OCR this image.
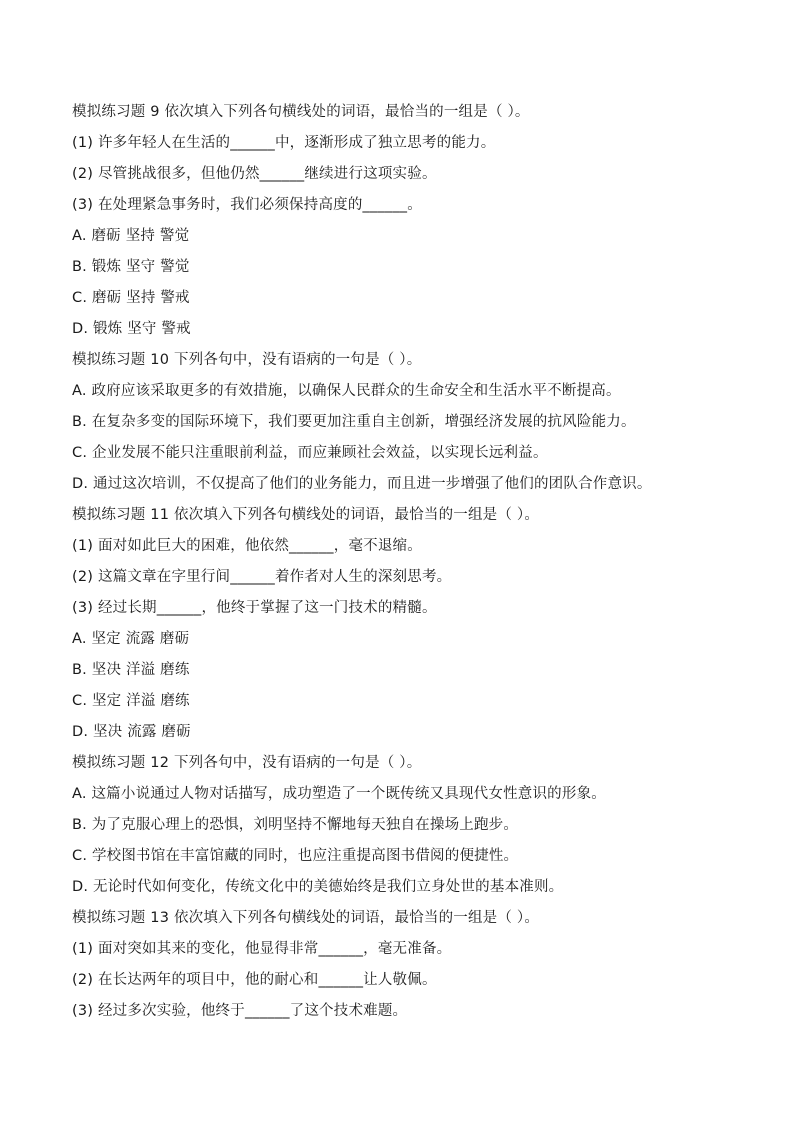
模拟练习题 9 依次填入下列各句横线处的词语，最恰当的一组是（ ）。
(1) 许多年轻人在生活的______中，逐渐形成了独立思考的能力。
(2) 尽管挑战很多，但他仍然______继续进行这项实验。
(3) 在处理紧急事务时，我们必须保持高度的______。
A. 磨砺 坚持 警觉
B. 锻炼 坚守 警觉
C. 磨砺 坚持 警戒
D. 锻炼 坚守 警戒
模拟练习题 10 下列各句中，没有语病的一句是（ ）。
A. 政府应该采取更多的有效措施，以确保人民群众的生命安全和生活水平不断提高。
B. 在复杂多变的国际环境下，我们要更加注重自主创新，增强经济发展的抗风险能力。
C. 企业发展不能只注重眼前利益，而应兼顾社会效益，以实现长远利益。
D. 通过这次培训，不仅提高了他们的业务能力，而且进一步增强了他们的团队合作意识。
模拟练习题 11 依次填入下列各句横线处的词语，最恰当的一组是（ ）。
(1) 面对如此巨大的困难，他依然______，毫不退缩。
(2) 这篇文章在字里行间______着作者对人生的深刻思考。
(3) 经过长期______，他终于掌握了这一门技术的精髓。
A. 坚定 流露 磨砺
B. 坚决 洋溢 磨练
C. 坚定 洋溢 磨练
D. 坚决 流露 磨砺
模拟练习题 12 下列各句中，没有语病的一句是（ ）。
A. 这篇小说通过人物对话描写，成功塑造了一个既传统又具现代女性意识的形象。
B. 为了克服心理上的恐惧，刘明坚持不懈地每天独自在操场上跑步。
C. 学校图书馆在丰富馆藏的同时，也应注重提高图书借阅的便捷性。
D. 无论时代如何变化，传统文化中的美德始终是我们立身处世的基本准则。
模拟练习题 13 依次填入下列各句横线处的词语，最恰当的一组是（ ）。
(1) 面对突如其来的变化，他显得非常______，毫无准备。
(2) 在长达两年的项目中，他的耐心和______让人敬佩。
(3) 经过多次实验，他终于______了这个技术难题。
